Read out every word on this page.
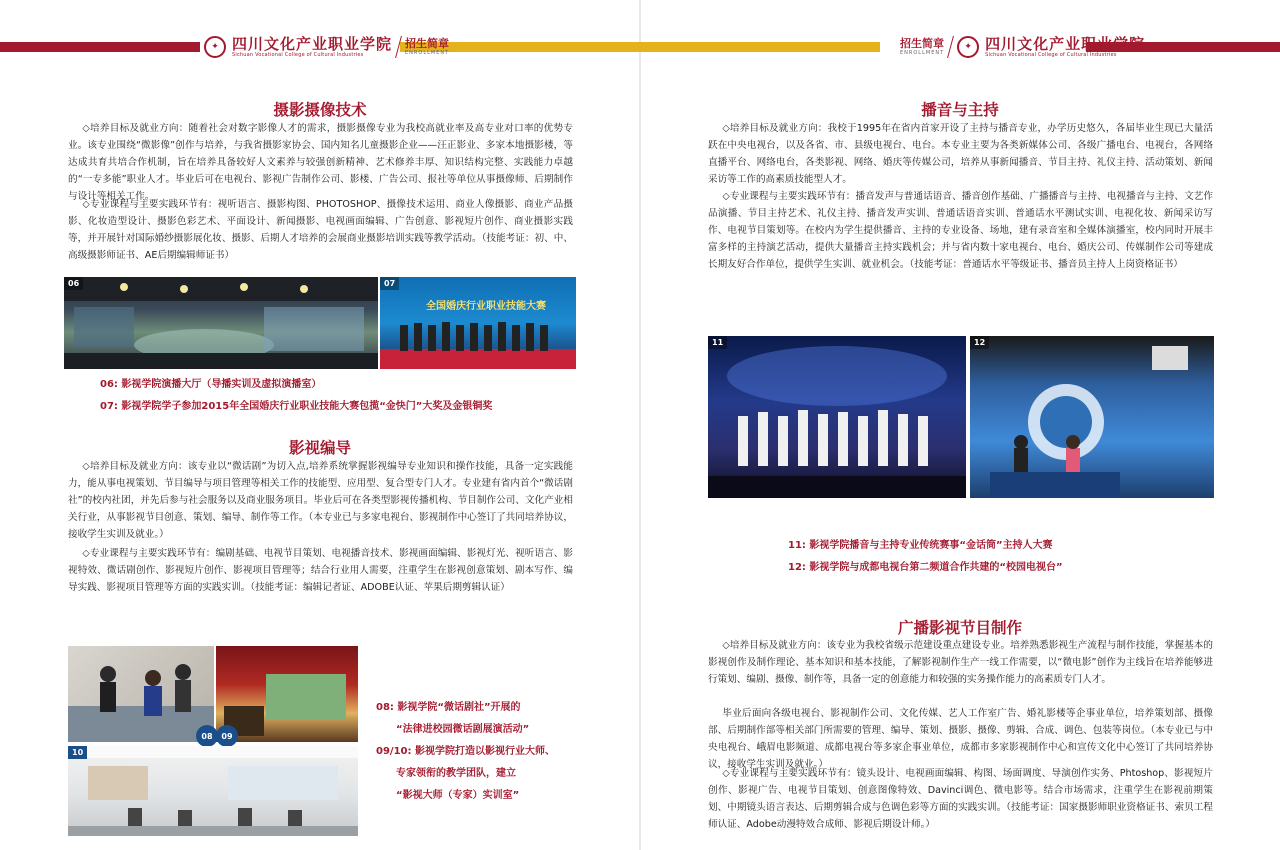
✦ 四川文化产业职业学院
Sichuan Vocational College of Cultural Industries
招生简章
ENROLLMENT
摄影摄像技术

◇培养目标及就业方向：随着社会对数字影像人才的需求，摄影摄像专业为我校高就业率及高专业对口率的优势专业。该专业围绕“微影像”创作与培养，与我省摄影家协会、国内知名儿童摄影企业——汪正影业、多家本地摄影楼，等达成共育共培合作机制，旨在培养具备较好人文素养与较强创新精神、艺术修养丰厚、知识结构完整、实践能力卓越的“一专多能”职业人才。毕业后可在电视台、影视广告制作公司、影楼、广告公司、报社等单位从事摄像师、后期制作与设计等相关工作。

◇专业课程与主要实践环节有：视听语言、摄影构图、PHOTOSHOP、摄像技术运用、商业人像摄影、商业产品摄影、化妆造型设计、摄影色彩艺术、平面设计、新闻摄影、电视画面编辑、广告创意、影视短片创作、商业摄影实践等，并开展针对国际婚纱摄影展化妆、摄影、后期人才培养的会展商业摄影培训实践等教学活动。（技能考证：初、中、高级摄影师证书、AE后期编辑师证书）

06
全国婚庆行业职业技能大赛
07

06: 影视学院演播大厅（导播实训及虚拟演播室）

07: 影视学院学子参加2015年全国婚庆行业职业技能大赛包揽“金快门”大奖及金银铜奖

影视编导

◇培养目标及就业方向：该专业以“微话剧”为切入点,培养系统掌握影视编导专业知识和操作技能，具备一定实践能力，能从事电视策划、节目编导与项目管理等相关工作的技能型、应用型、复合型专门人才。专业建有省内首个“微话剧社”的校内社团，并先后参与社会服务以及商业服务项目。毕业后可在各类型影视传播机构、节目制作公司、文化产业相关行业，从事影视节目创意、策划、编导、制作等工作。（本专业已与多家电视台、影视制作中心签订了共同培养协议，接收学生实训及就业。）

◇专业课程与主要实践环节有：编剧基础、电视节目策划、电视播音技术、影视画面编辑、影视灯光、视听语言、影视特效、微话剧创作、影视短片创作、影视项目管理等；结合行业用人需要，注重学生在影视创意策划、剧本写作、编导实践、影视项目管理等方面的实践实训。（技能考证：编辑记者证、ADOBE认证、苹果后期剪辑认证）

08	09
10

08: 影视学院“微话剧社”开展的

“法律进校园微话剧展演活动”

09/10: 影视学院打造以影视行业大师、

专家领衔的教学团队，建立

“影视大师（专家）实训室”

招生简章
ENROLLMENT
✦ 四川文化产业职业学院
Sichuan Vocational College of Cultural Industries
播音与主持

◇培养目标及就业方向：我校于1995年在省内首家开设了主持与播音专业，办学历史悠久，各届毕业生现已大量活跃在中央电视台，以及各省、市、县级电视台、电台。本专业主要为各类新媒体公司、各级广播电台、电视台，各网络直播平台、网络电台，各类影视、网络、婚庆等传媒公司，培养从事新闻播音、节目主持、礼仪主持、活动策划、新闻采访等工作的高素质技能型人才。

◇专业课程与主要实践环节有：播音发声与普通话语音、播音创作基础、广播播音与主持、电视播音与主持、文艺作品演播、节目主持艺术、礼仪主持、播音发声实训、普通话语音实训、普通话水平测试实训、电视化妆、新闻采访写作、电视节目策划等。在校内为学生提供播音、主持的专业设备、场地，建有录音室和全媒体演播室，校内同时开展丰富多样的主持演艺活动，提供大量播音主持实践机会；并与省内数十家电视台、电台、婚庆公司、传媒制作公司等建成长期友好合作单位，提供学生实训、就业机会。（技能考证：普通话水平等级证书、播音员主持人上岗资格证书）

11	12

11: 影视学院播音与主持专业传统赛事“金话筒”主持人大赛

12: 影视学院与成都电视台第二频道合作共建的“校园电视台”

广播影视节目制作

◇培养目标及就业方向：该专业为我校省级示范建设重点建设专业。培养熟悉影视生产流程与制作技能，掌握基本的影视创作及制作理论、基本知识和基本技能，了解影视制作生产一线工作需要，以“微电影”创作为主线旨在培养能够进行策划、编剧、摄像、制作等，具备一定的创意能力和较强的实务操作能力的高素质专门人才。

毕业后面向各级电视台、影视制作公司、文化传媒、艺人工作室广告、婚礼影楼等企事业单位，培养策划部、摄像部、后期制作部等相关部门所需要的管理、编导、策划、摄影、摄像、剪辑、合成、调色、包装等岗位。（本专业已与中央电视台、峨眉电影频道、成都电视台等多家企事业单位，成都市多家影视制作中心和宣传文化中心签订了共同培养协议，接收学生实训及就业。）

◇专业课程与主要实践环节有：镜头设计、电视画面编辑、构图、场面调度、导演创作实务、Phtoshop、影视短片创作、影视广告、电视节目策划、创意图像特效、Davinci调色、微电影等。结合市场需求，注重学生在影视前期策划、中期镜头语言表达、后期剪辑合成与色调色彩等方面的实践实训。（技能考证：国家摄影师职业资格证书、索贝工程师认证、Adobe动漫特效合成师、影视后期设计师。）
